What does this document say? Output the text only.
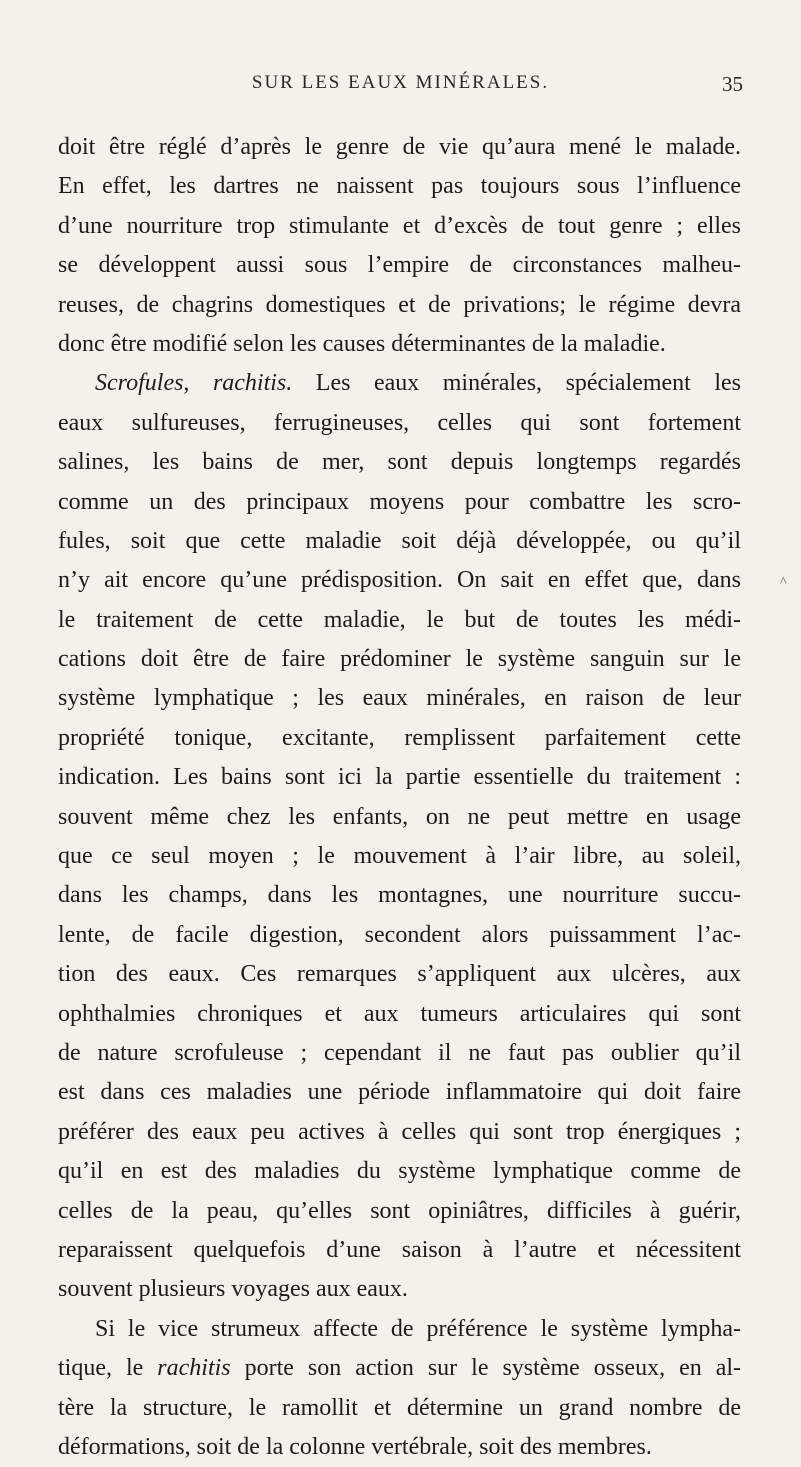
SUR LES EAUX MINÉRALES.	35
^
doit être réglé d’après le genre de vie qu’aura mené le malade.
En effet, les dartres ne naissent pas toujours sous l’influence
d’une nourriture trop stimulante et d’excès de tout genre ; elles
se développent aussi sous l’empire de circonstances malheu-
reuses, de chagrins domestiques et de privations; le régime devra
donc être modifié selon les causes déterminantes de la maladie.
Scrofules, rachitis. Les eaux minérales, spécialement les
eaux sulfureuses, ferrugineuses, celles qui sont fortement
salines, les bains de mer, sont depuis longtemps regardés
comme un des principaux moyens pour combattre les scro-
fules, soit que cette maladie soit déjà développée, ou qu’il
n’y ait encore qu’une prédisposition. On sait en effet que, dans
le traitement de cette maladie, le but de toutes les médi-
cations doit être de faire prédominer le système sanguin sur le
système lymphatique ; les eaux minérales, en raison de leur
propriété tonique, excitante, remplissent parfaitement cette
indication. Les bains sont ici la partie essentielle du traitement :
souvent même chez les enfants, on ne peut mettre en usage
que ce seul moyen ; le mouvement à l’air libre, au soleil,
dans les champs, dans les montagnes, une nourriture succu-
lente, de facile digestion, secondent alors puissamment l’ac-
tion des eaux. Ces remarques s’appliquent aux ulcères, aux
ophthalmies chroniques et aux tumeurs articulaires qui sont
de nature scrofuleuse ; cependant il ne faut pas oublier qu’il
est dans ces maladies une période inflammatoire qui doit faire
préférer des eaux peu actives à celles qui sont trop énergiques ;
qu’il en est des maladies du système lymphatique comme de
celles de la peau, qu’elles sont opiniâtres, difficiles à guérir,
reparaissent quelquefois d’une saison à l’autre et nécessitent
souvent plusieurs voyages aux eaux.
Si le vice strumeux affecte de préférence le système lympha-
tique, le rachitis porte son action sur le système osseux, en al-
tère la structure, le ramollit et détermine un grand nombre de
déformations, soit de la colonne vertébrale, soit des membres.
